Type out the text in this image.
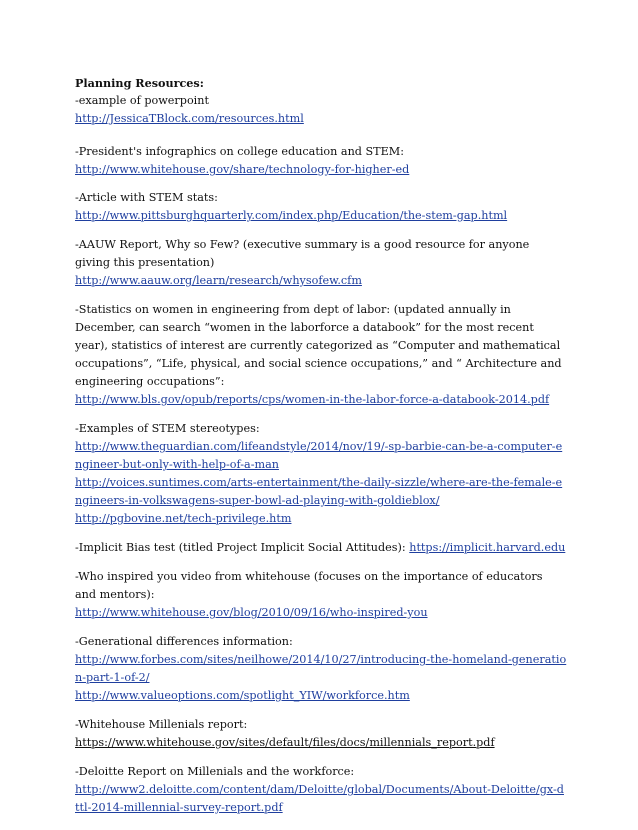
Planning Resources:
-example of powerpoint
http://JessicaTBlock.com/resources.html
-President's infographics on college education and STEM:
http://www.whitehouse.gov/share/technology-for-higher-ed
-Article with STEM stats:
http://www.pittsburghquarterly.com/index.php/Education/the-stem-gap.html
-AAUW Report, Why so Few? (executive summary is a good resource for anyone giving this presentation)
http://www.aauw.org/learn/research/whysofew.cfm
-Statistics on women in engineering from dept of labor: (updated annually in December, can search “women in the laborforce a databook” for the most recent year), statistics of interest are currently categorized as “Computer and mathematical occupations”, “Life, physical, and social science occupations,” and “ Architecture and engineering occupations”:
http://www.bls.gov/opub/reports/cps/women-in-the-labor-force-a-databook-2014.pdf
-Examples of STEM stereotypes:
http://www.theguardian.com/lifeandstyle/2014/nov/19/-sp-barbie-can-be-a-computer-engineer-but-only-with-help-of-a-man
http://voices.suntimes.com/arts-entertainment/the-daily-sizzle/where-are-the-female-engineers-in-volkswagens-super-bowl-ad-playing-with-goldieblox/
http://pgbovine.net/tech-privilege.htm
-Implicit Bias test (titled Project Implicit Social Attitudes): https://implicit.harvard.edu
-Who inspired you video from whitehouse (focuses on the importance of educators and mentors):
http://www.whitehouse.gov/blog/2010/09/16/who-inspired-you
-Generational differences information:
http://www.forbes.com/sites/neilhowe/2014/10/27/introducing-the-homeland-generation-part-1-of-2/
http://www.valueoptions.com/spotlight_YIW/workforce.htm
-Whitehouse Millenials report:
https://www.whitehouse.gov/sites/default/files/docs/millennials_report.pdf
-Deloitte Report on Millenials and the workforce:
http://www2.deloitte.com/content/dam/Deloitte/global/Documents/About-Deloitte/gx-dttl-2014-millennial-survey-report.pdf
